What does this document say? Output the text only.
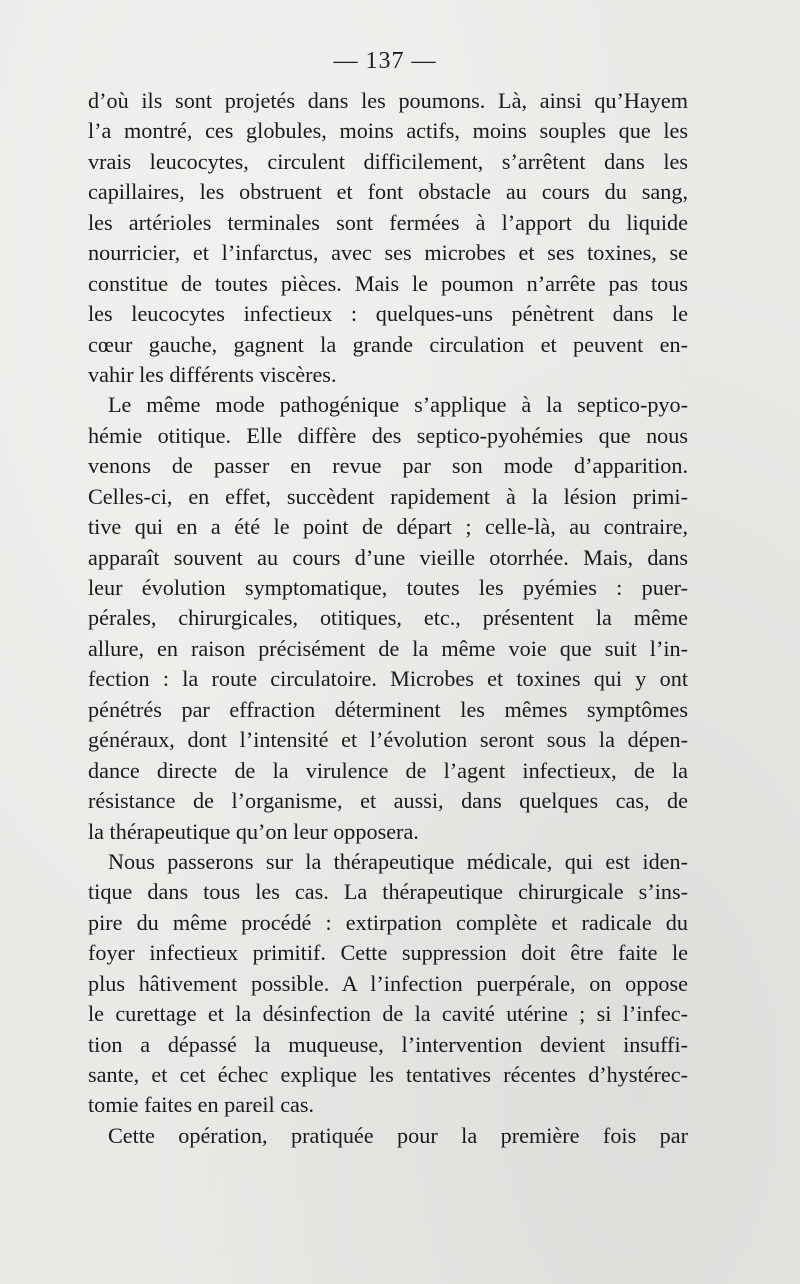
— 137 —
d’où ils sont projetés dans les poumons. Là, ainsi qu’Hayem
l’a montré, ces globules, moins actifs, moins souples que les
vrais leucocytes, circulent difficilement, s’arrêtent dans les
capillaires, les obstruent et font obstacle au cours du sang,
les artérioles terminales sont fermées à l’apport du liquide
nourricier, et l’infarctus, avec ses microbes et ses toxines, se
constitue de toutes pièces. Mais le poumon n’arrête pas tous
les leucocytes infectieux : quelques-uns pénètrent dans le
cœur gauche, gagnent la grande circulation et peuvent en-
vahir les différents viscères.
Le même mode pathogénique s’applique à la septico-pyo-
hémie otitique. Elle diffère des septico-pyohémies que nous
venons de passer en revue par son mode d’apparition.
Celles-ci, en effet, succèdent rapidement à la lésion primi-
tive qui en a été le point de départ ; celle-là, au contraire,
apparaît souvent au cours d’une vieille otorrhée. Mais, dans
leur évolution symptomatique, toutes les pyémies : puer-
pérales, chirurgicales, otitiques, etc., présentent la même
allure, en raison précisément de la même voie que suit l’in-
fection : la route circulatoire. Microbes et toxines qui y ont
pénétrés par effraction déterminent les mêmes symptômes
généraux, dont l’intensité et l’évolution seront sous la dépen-
dance directe de la virulence de l’agent infectieux, de la
résistance de l’organisme, et aussi, dans quelques cas, de
la thérapeutique qu’on leur opposera.
Nous passerons sur la thérapeutique médicale, qui est iden-
tique dans tous les cas. La thérapeutique chirurgicale s’ins-
pire du même procédé : extirpation complète et radicale du
foyer infectieux primitif. Cette suppression doit être faite le
plus hâtivement possible. A l’infection puerpérale, on oppose
le curettage et la désinfection de la cavité utérine ; si l’infec-
tion a dépassé la muqueuse, l’intervention devient insuffi-
sante, et cet échec explique les tentatives récentes d’hystérec-
tomie faites en pareil cas.
Cette opération, pratiquée pour la première fois par
